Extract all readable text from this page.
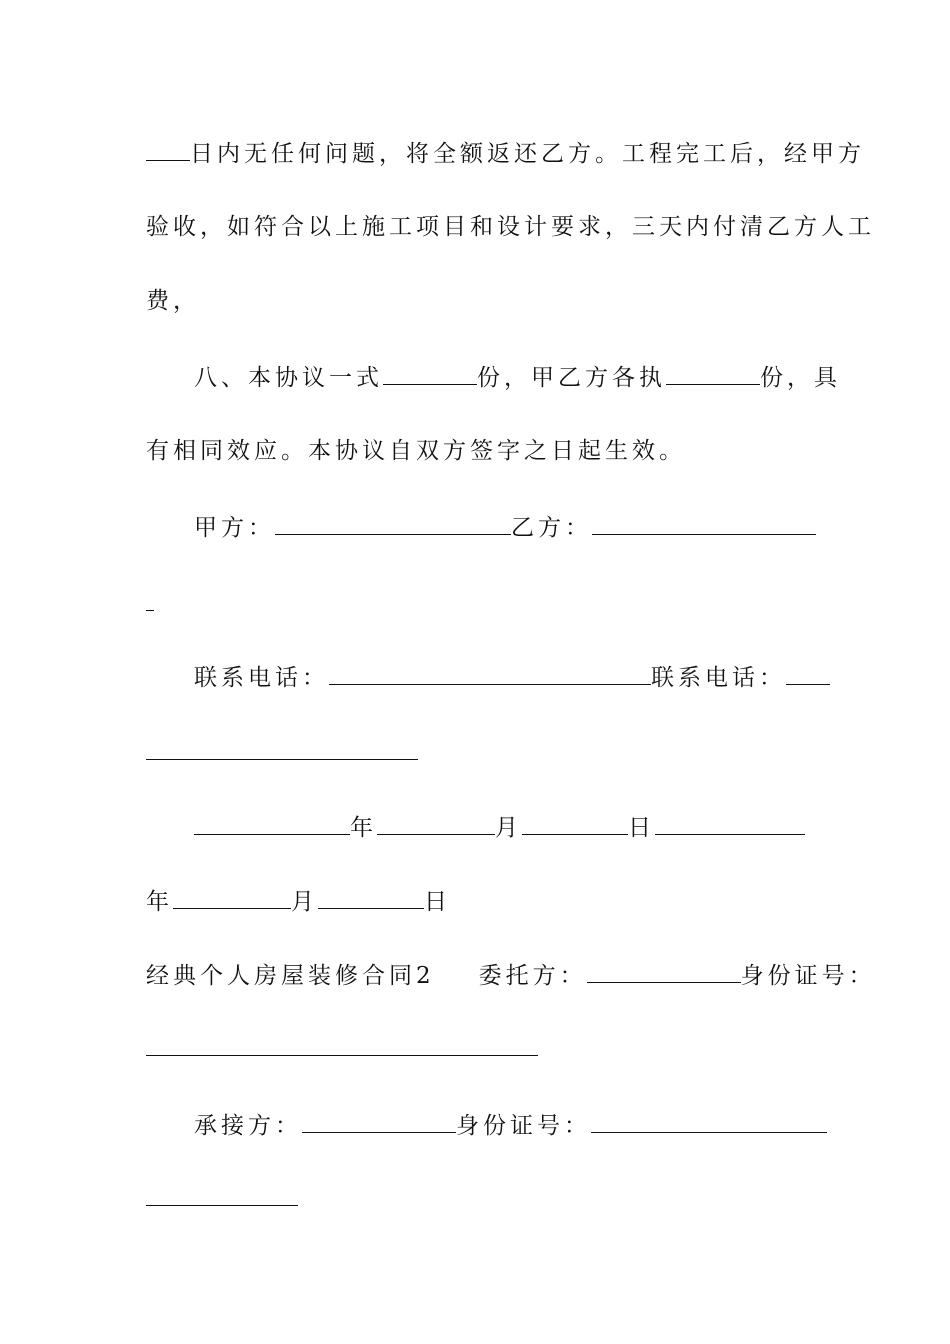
日内无任何问题，将全额返还乙方。工程完工后，经甲方
验收，如符合以上施工项目和设计要求，三天内付清乙方人工
费，
八、本协议一式	份，甲乙方各执	份，具
有相同效应。本协议自双方签字之日起生效。
甲方：	乙方：
联系电话：	联系电话：
年	月	日
年	月	日
经典个人房屋装修合同2 委托方：	身份证号：
承接方：	身份证号：
